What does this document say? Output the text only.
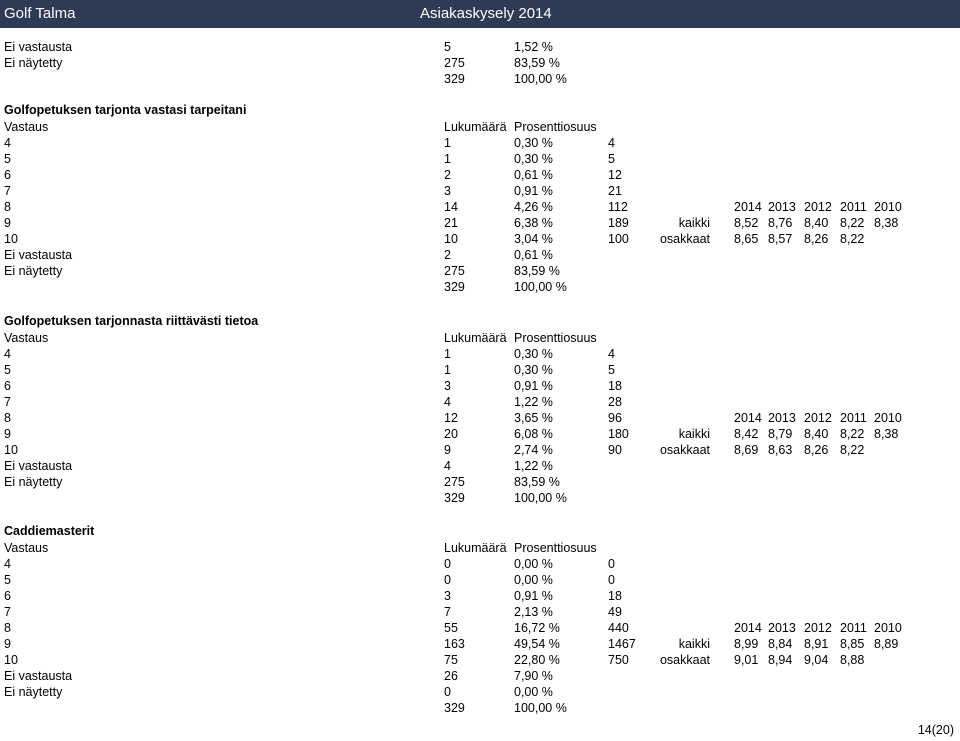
Golf Talma	Asiakaskysely 2014
Ei vastausta	5	1,52 %
Ei näytetty	275	83,59 %
329	100,00 %
Golfopetuksen tarjonta vastasi tarpeitani
Vastaus	Lukumäärä Prosenttiosuus
4	1	0,30 %	4
5	1	0,30 %	5
6	2	0,61 %	12
7	3	0,91 %	21
8	14	4,26 %	112	2014 2013 2012 2011 2010
9	21	6,38 %	189	kaikki 8,52 8,76 8,40 8,22 8,38
10	10	3,04 %	100 osakkaat 8,65 8,57 8,26 8,22
Ei vastausta	2	0,61 %
Ei näytetty	275	83,59 %
329	100,00 %
Golfopetuksen tarjonnasta riittävästi tietoa
Vastaus	Lukumäärä Prosenttiosuus
4	1	0,30 %	4
5	1	0,30 %	5
6	3	0,91 %	18
7	4	1,22 %	28
8	12	3,65 %	96	2014 2013 2012 2011 2010
9	20	6,08 %	180	kaikki 8,42 8,79 8,40 8,22 8,38
10	9	2,74 %	90	osakkaat 8,69 8,63 8,26 8,22
Ei vastausta	4	1,22 %
Ei näytetty	275	83,59 %
329	100,00 %
Caddiemasterit
Vastaus	Lukumäärä Prosenttiosuus
4	0	0,00 %	0
5	0	0,00 %	0
6	3	0,91 %	18
7	7	2,13 %	49
8	55	16,72 %	440	2014 2013 2012 2011 2010
9	163	49,54 %	1467	kaikki 8,99 8,84 8,91 8,85 8,89
10	75	22,80 %	750 osakkaat 9,01 8,94 9,04 8,88
Ei vastausta	26	7,90 %
Ei näytetty	0	0,00 %
329	100,00 %
14(20)
